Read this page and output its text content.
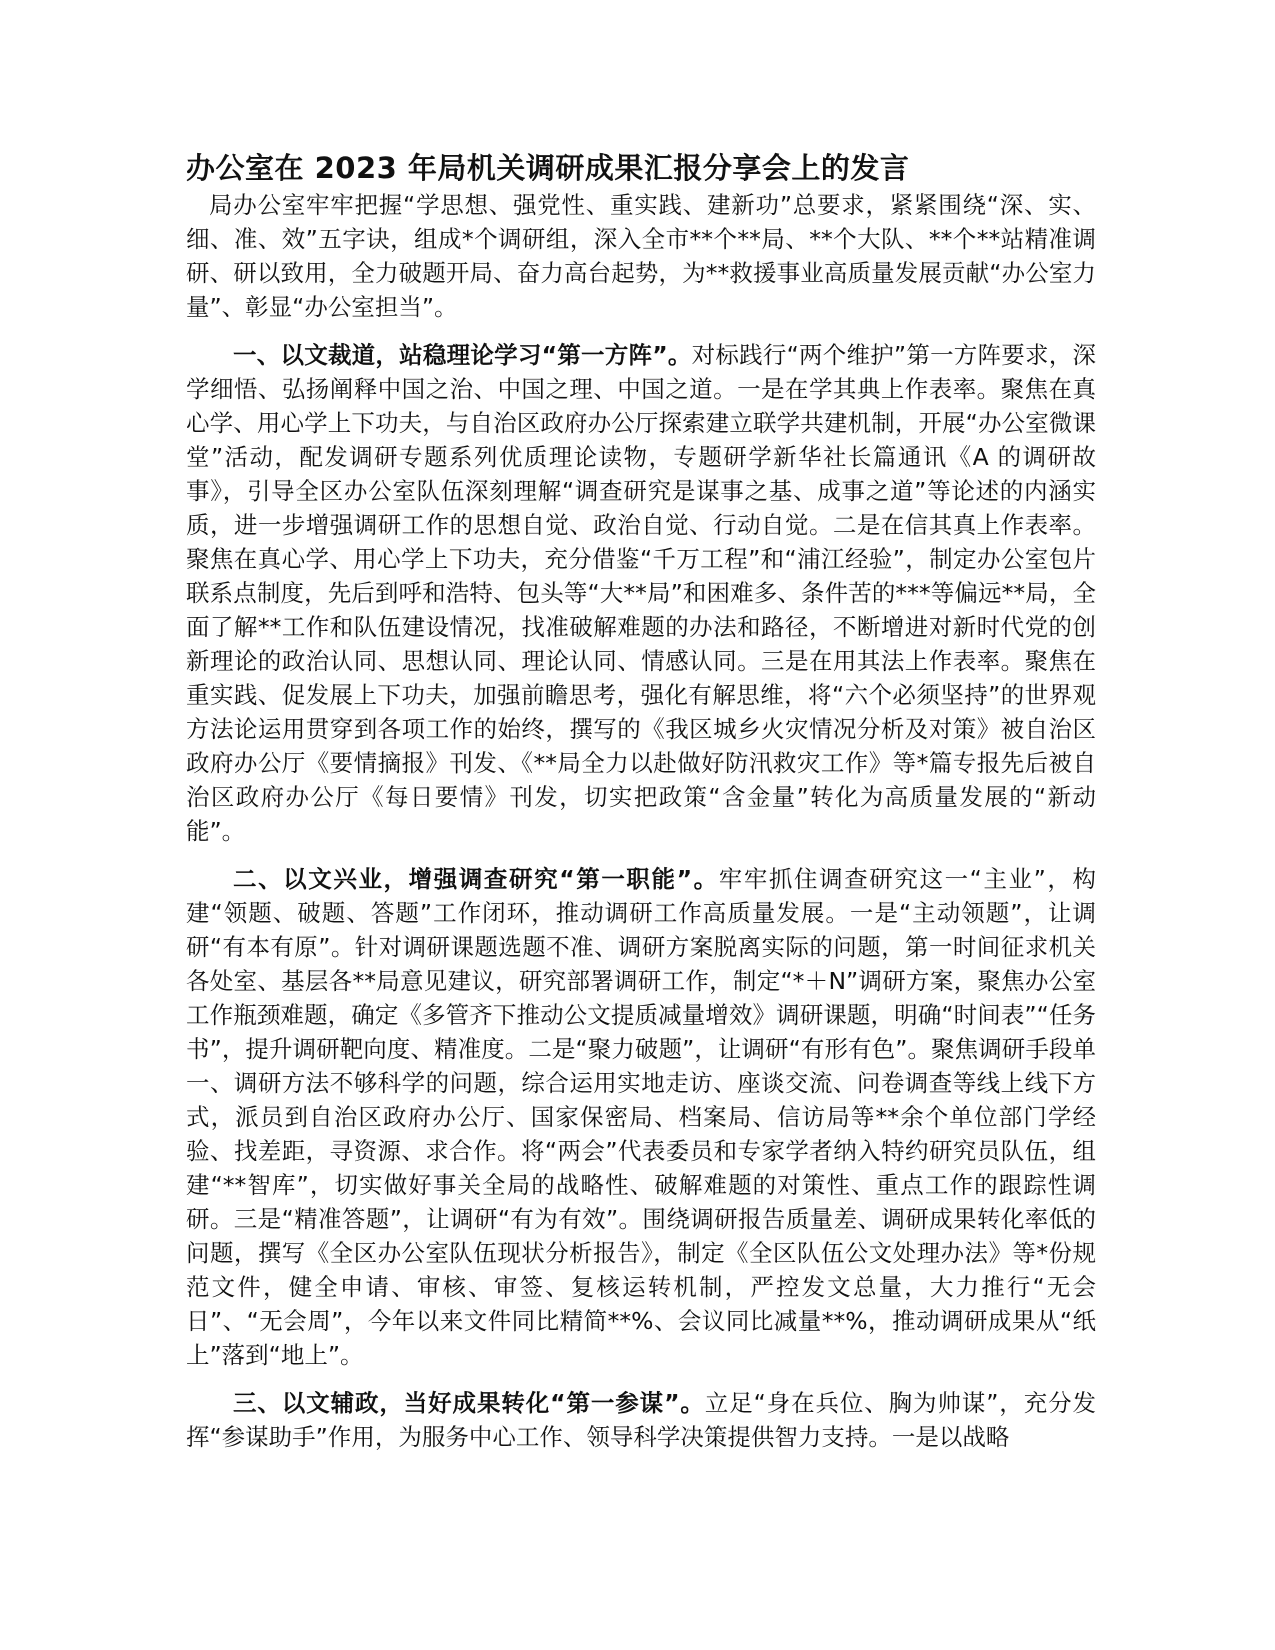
办公室在 2023 年局机关调研成果汇报分享会上的发言

局办公室牢牢把握“学思想、强党性、重实践、建新功”总要求，紧紧围绕“深、实、细、准、效”五字诀，组成*个调研组，深入全市**个**局、**个大队、**个**站精准调研、研以致用，全力破题开局、奋力高台起势，为**救援事业高质量发展贡献“办公室力量”、彰显“办公室担当”。

一、以文裁道，站稳理论学习“第一方阵”。对标践行“两个维护”第一方阵要求，深学细悟、弘扬阐释中国之治、中国之理、中国之道。一是在学其典上作表率。聚焦在真心学、用心学上下功夫，与自治区政府办公厅探索建立联学共建机制，开展“办公室微课堂”活动，配发调研专题系列优质理论读物，专题研学新华社长篇通讯《A 的调研故事》，引导全区办公室队伍深刻理解“调查研究是谋事之基、成事之道”等论述的内涵实质，进一步增强调研工作的思想自觉、政治自觉、行动自觉。二是在信其真上作表率。聚焦在真心学、用心学上下功夫，充分借鉴“千万工程”和“浦江经验”，制定办公室包片联系点制度，先后到呼和浩特、包头等“大**局”和困难多、条件苦的***等偏远**局，全面了解**工作和队伍建设情况，找准破解难题的办法和路径，不断增进对新时代党的创新理论的政治认同、思想认同、理论认同、情感认同。三是在用其法上作表率。聚焦在重实践、促发展上下功夫，加强前瞻思考，强化有解思维，将“六个必须坚持”的世界观方法论运用贯穿到各项工作的始终，撰写的《我区城乡火灾情况分析及对策》被自治区政府办公厅《要情摘报》刊发、《**局全力以赴做好防汛救灾工作》等*篇专报先后被自治区政府办公厅《每日要情》刊发，切实把政策“含金量”转化为高质量发展的“新动能”。

二、以文兴业，增强调查研究“第一职能”。牢牢抓住调查研究这一“主业”，构建“领题、破题、答题”工作闭环，推动调研工作高质量发展。一是“主动领题”，让调研“有本有原”。针对调研课题选题不准、调研方案脱离实际的问题，第一时间征求机关各处室、基层各**局意见建议，研究部署调研工作，制定“*＋N”调研方案，聚焦办公室工作瓶颈难题，确定《多管齐下推动公文提质减量增效》调研课题，明确“时间表”“任务书”，提升调研靶向度、精准度。二是“聚力破题”，让调研“有形有色”。聚焦调研手段单一、调研方法不够科学的问题，综合运用实地走访、座谈交流、问卷调查等线上线下方式，派员到自治区政府办公厅、国家保密局、档案局、信访局等**余个单位部门学经验、找差距，寻资源、求合作。将“两会”代表委员和专家学者纳入特约研究员队伍，组建“**智库”，切实做好事关全局的战略性、破解难题的对策性、重点工作的跟踪性调研。三是“精准答题”，让调研“有为有效”。围绕调研报告质量差、调研成果转化率低的问题，撰写《全区办公室队伍现状分析报告》，制定《全区队伍公文处理办法》等*份规范文件，健全申请、审核、审签、复核运转机制，严控发文总量，大力推行“无会日”、“无会周”，今年以来文件同比精简**%、会议同比减量**%，推动调研成果从“纸上”落到“地上”。

三、以文辅政，当好成果转化“第一参谋”。立足“身在兵位、胸为帅谋”，充分发挥“参谋助手”作用，为服务中心工作、领导科学决策提供智力支持。一是以战略
